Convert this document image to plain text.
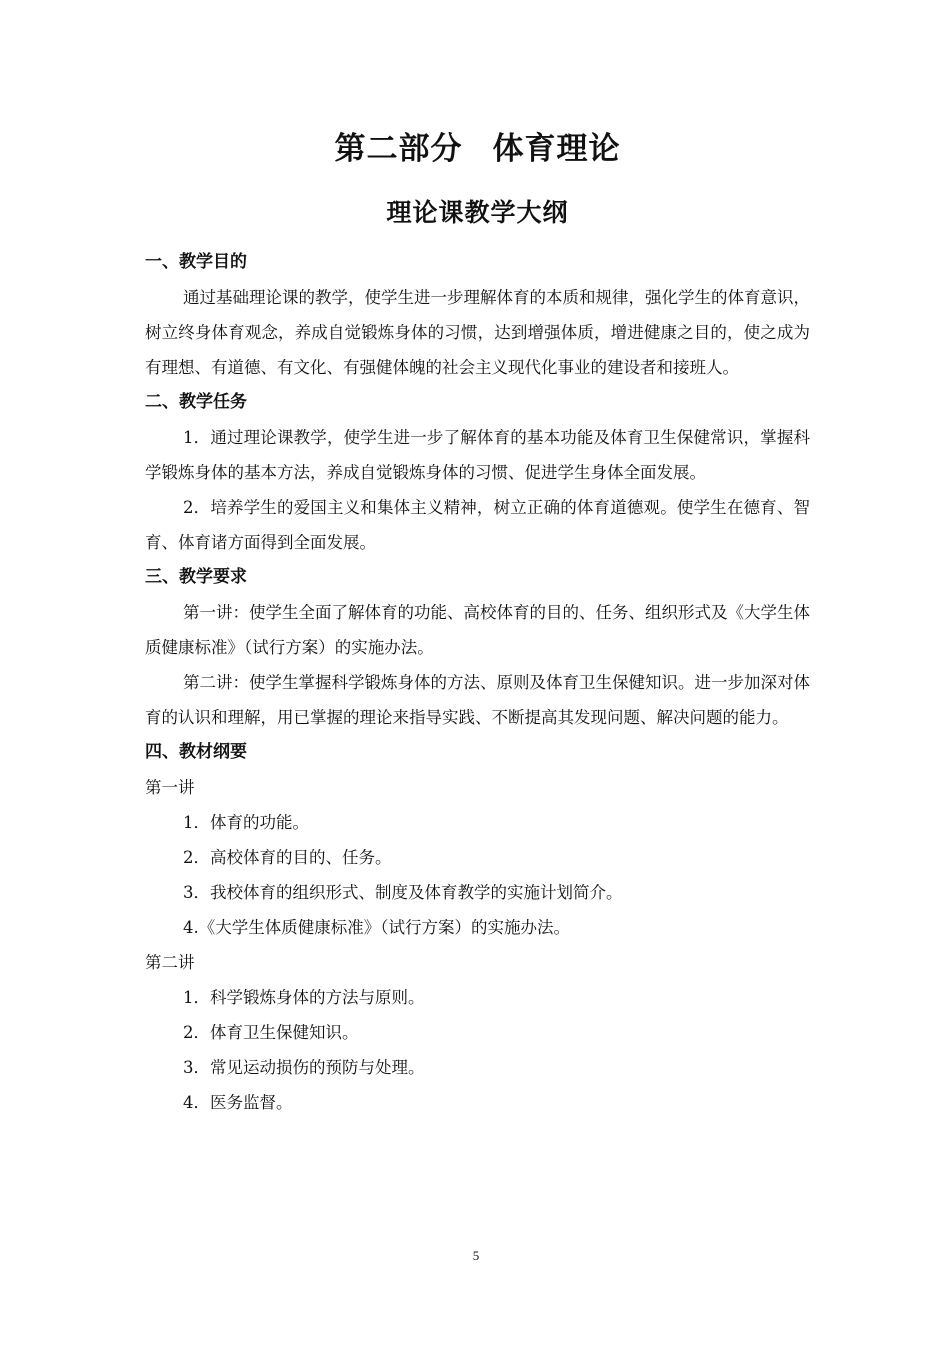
第二部分 体育理论
理论课教学大纲
一、教学目的

通过基础理论课的教学，使学生进一步理解体育的本质和规律，强化学生的体育意识，树立终身体育观念，养成自觉锻炼身体的习惯，达到增强体质，增进健康之目的，使之成为有理想、有道德、有文化、有强健体魄的社会主义现代化事业的建设者和接班人。

二、教学任务

1．通过理论课教学，使学生进一步了解体育的基本功能及体育卫生保健常识，掌握科学锻炼身体的基本方法，养成自觉锻炼身体的习惯、促进学生身体全面发展。

2．培养学生的爱国主义和集体主义精神，树立正确的体育道德观。使学生在德育、智育、体育诸方面得到全面发展。

三、教学要求

第一讲：使学生全面了解体育的功能、高校体育的目的、任务、组织形式及《大学生体质健康标准》（试行方案）的实施办法。

第二讲：使学生掌握科学锻炼身体的方法、原则及体育卫生保健知识。进一步加深对体育的认识和理解，用已掌握的理论来指导实践、不断提高其发现问题、解决问题的能力。

四、教材纲要

第一讲

1．体育的功能。

2．高校体育的目的、任务。

3．我校体育的组织形式、制度及体育教学的实施计划简介。

4.《大学生体质健康标准》（试行方案）的实施办法。

第二讲

1．科学锻炼身体的方法与原则。

2．体育卫生保健知识。

3．常见运动损伤的预防与处理。

4．医务监督。

5
